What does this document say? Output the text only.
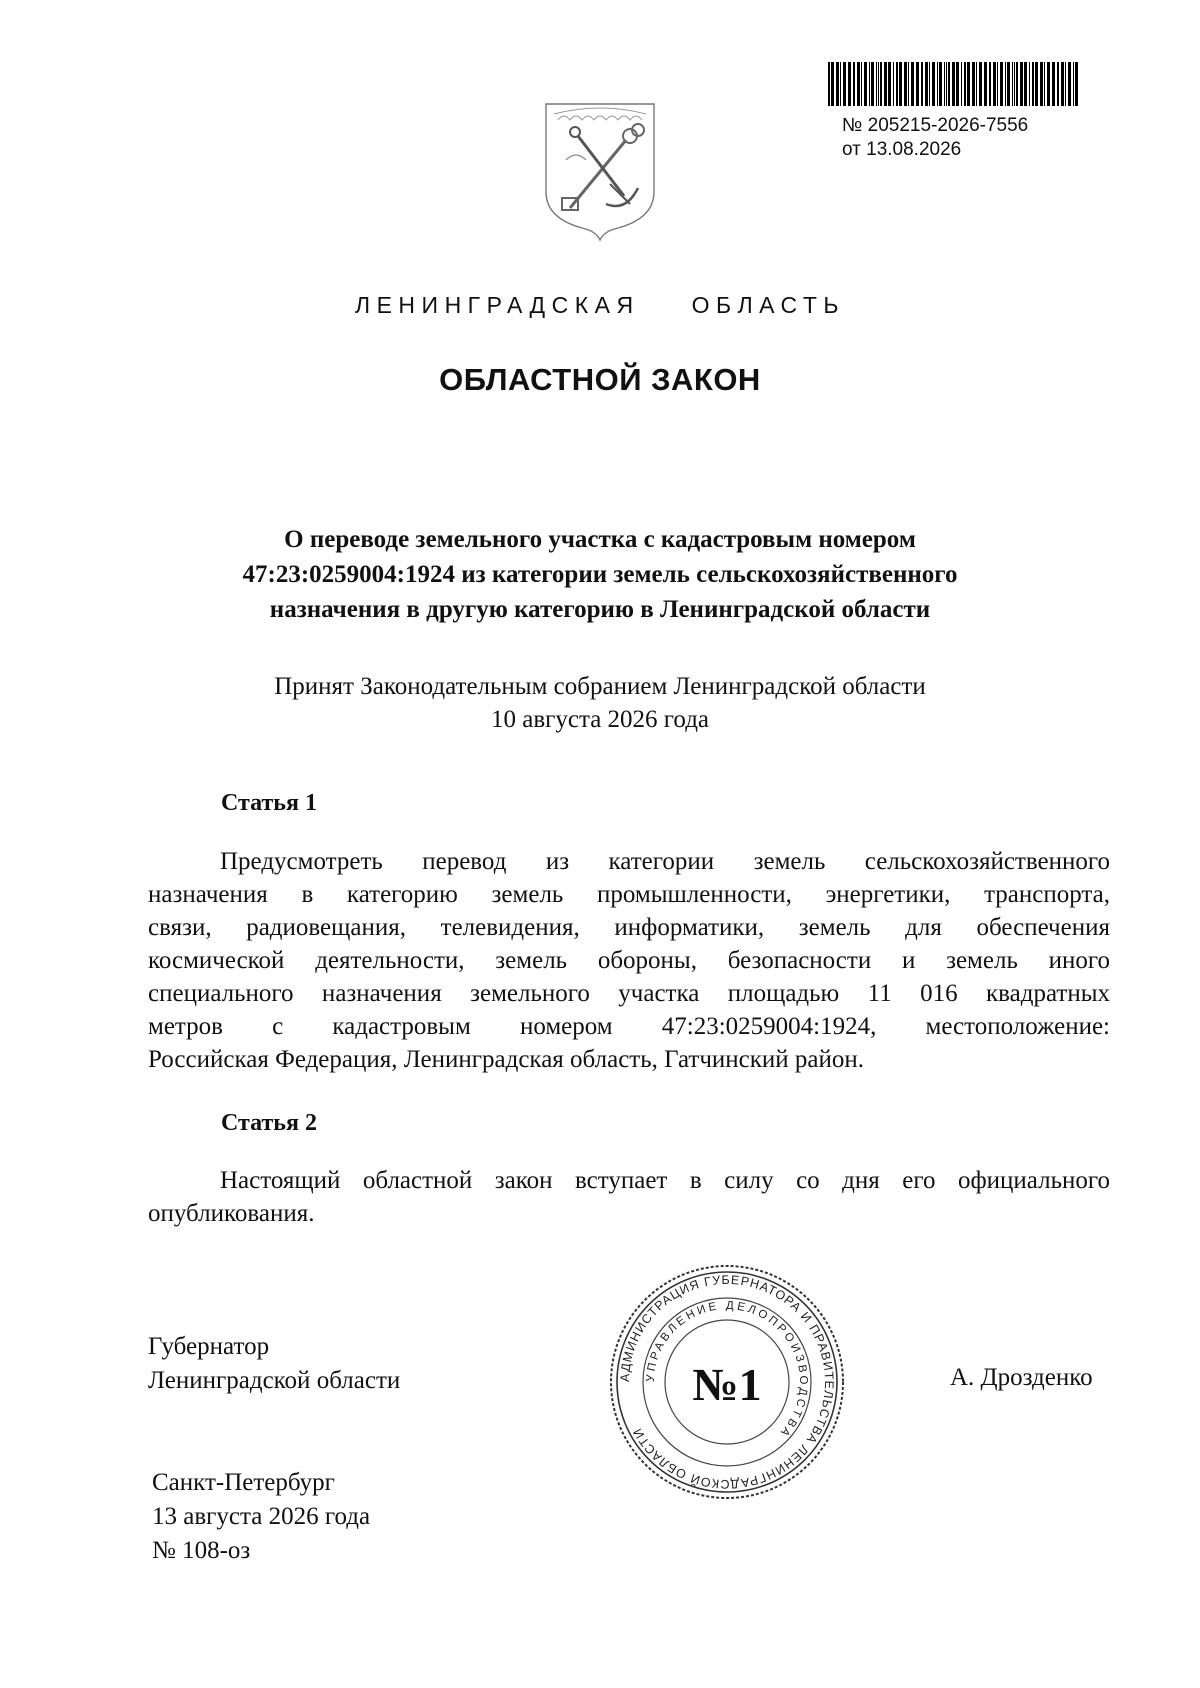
№ 205215-2026-7556
от 13.08.2026
ЛЕНИНГРАДСКАЯ ОБЛАСТЬ
ОБЛАСТНОЙ ЗАКОН
О переводе земельного участка с кадастровым номером
47:23:0259004:1924 из категории земель сельскохозяйственного
назначения в другую категорию в Ленинградской области
Принят Законодательным собранием Ленинградской области
10 августа 2026 года
Статья 1
Предусмотреть перевод из категории земель сельскохозяйственного
назначения в категорию земель промышленности, энергетики, транспорта,
связи, радиовещания, телевидения, информатики, земель для обеспечения
космической деятельности, земель обороны, безопасности и земель иного
специального назначения земельного участка площадью 11 016 квадратных
метров с кадастровым номером 47:23:0259004:1924, местоположение:
Российская Федерация, Ленинградская область, Гатчинский район.
Статья 2
Настоящий областной закон вступает в силу со дня его официального
опубликования.
Губернатор
Ленинградской области	АДМИНИСТРАЦИЯ ГУБЕРНАТОРА И ПРАВИТЕЛЬСТВА ЛЕНИНГРАДСКОЙ ОБЛАСТИ
УПРАВЛЕНИЕ ДЕЛОПРОИЗВОДСТВА
№1	А. Дрозденко
Санкт-Петербург
13 августа 2026 года
№ 108-оз
